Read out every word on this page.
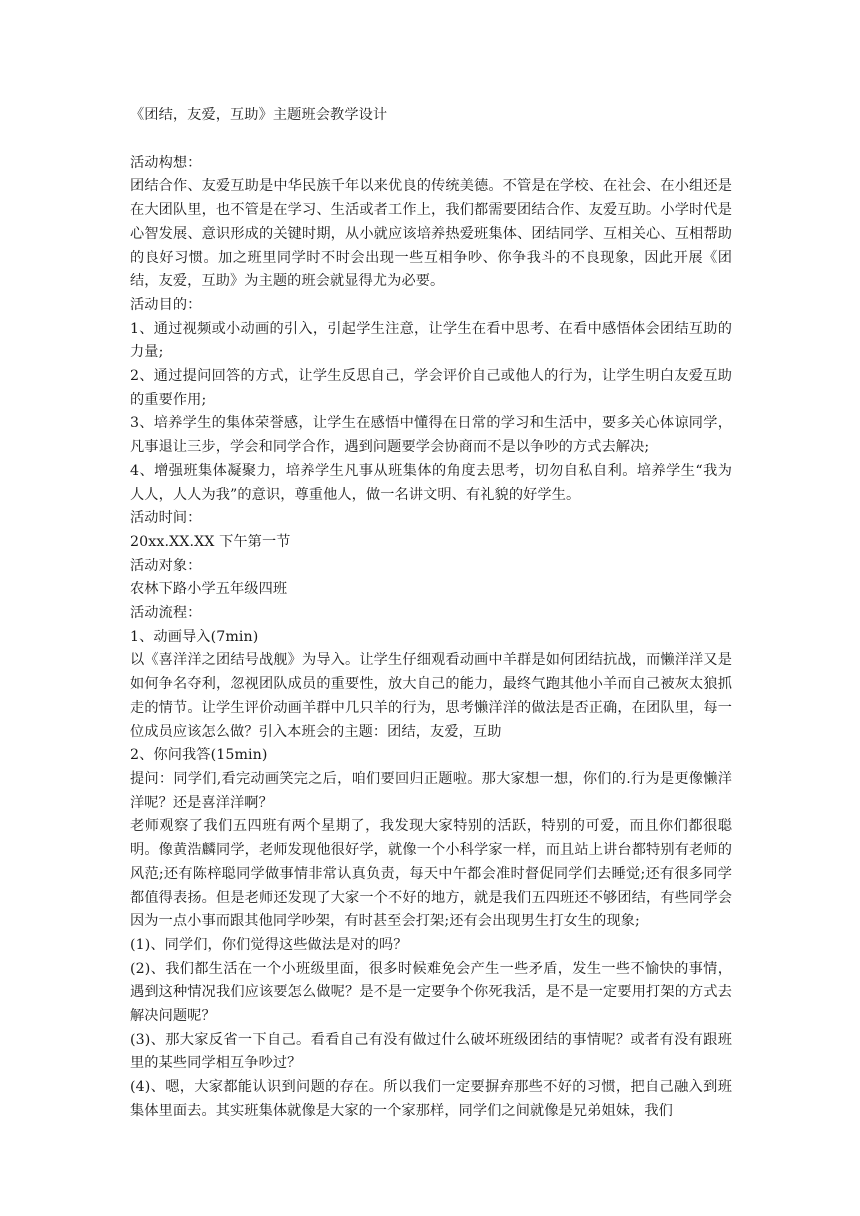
《团结，友爱，互助》主题班会教学设计

活动构想：

团结合作、友爱互助是中华民族千年以来优良的传统美德。不管是在学校、在社会、在小组还是在大团队里，也不管是在学习、生活或者工作上，我们都需要团结合作、友爱互助。小学时代是心智发展、意识形成的关键时期，从小就应该培养热爱班集体、团结同学、互相关心、互相帮助的良好习惯。加之班里同学时不时会出现一些互相争吵、你争我斗的不良现象，因此开展《团结，友爱，互助》为主题的班会就显得尤为必要。

活动目的：

1、通过视频或小动画的引入，引起学生注意，让学生在看中思考、在看中感悟体会团结互助的力量;

2、通过提问回答的方式，让学生反思自己，学会评价自己或他人的行为，让学生明白友爱互助的重要作用;

3、培养学生的集体荣誉感，让学生在感悟中懂得在日常的学习和生活中，要多关心体谅同学，凡事退让三步，学会和同学合作，遇到问题要学会协商而不是以争吵的方式去解决;

4、增强班集体凝聚力，培养学生凡事从班集体的角度去思考，切勿自私自利。培养学生“我为人人，人人为我”的意识，尊重他人，做一名讲文明、有礼貌的好学生。

活动时间：

20xx.XX.XX 下午第一节

活动对象：

农林下路小学五年级四班

活动流程：

1、动画导入(7min)

以《喜洋洋之团结号战舰》为导入。让学生仔细观看动画中羊群是如何团结抗战，而懒洋洋又是如何争名夺利，忽视团队成员的重要性，放大自己的能力，最终气跑其他小羊而自己被灰太狼抓走的情节。让学生评价动画羊群中几只羊的行为，思考懒洋洋的做法是否正确，在团队里，每一位成员应该怎么做？引入本班会的主题：团结，友爱，互助

2、你问我答(15min)

提问：同学们,看完动画笑完之后，咱们要回归正题啦。那大家想一想，你们的.行为是更像懒洋洋呢？还是喜洋洋啊？

老师观察了我们五四班有两个星期了，我发现大家特别的活跃，特别的可爱，而且你们都很聪明。像黄浩麟同学，老师发现他很好学，就像一个小科学家一样，而且站上讲台都特别有老师的风范;还有陈梓聪同学做事情非常认真负责，每天中午都会准时督促同学们去睡觉;还有很多同学都值得表扬。但是老师还发现了大家一个不好的地方，就是我们五四班还不够团结，有些同学会因为一点小事而跟其他同学吵架，有时甚至会打架;还有会出现男生打女生的现象;

(1)、同学们，你们觉得这些做法是对的吗？

(2)、我们都生活在一个小班级里面，很多时候难免会产生一些矛盾，发生一些不愉快的事情，遇到这种情况我们应该要怎么做呢？是不是一定要争个你死我活，是不是一定要用打架的方式去解决问题呢？

(3)、那大家反省一下自己。看看自己有没有做过什么破坏班级团结的事情呢？或者有没有跟班里的某些同学相互争吵过？

(4)、嗯，大家都能认识到问题的存在。所以我们一定要摒弃那些不好的习惯，把自己融入到班集体里面去。其实班集体就像是大家的一个家那样，同学们之间就像是兄弟姐妹，我们
